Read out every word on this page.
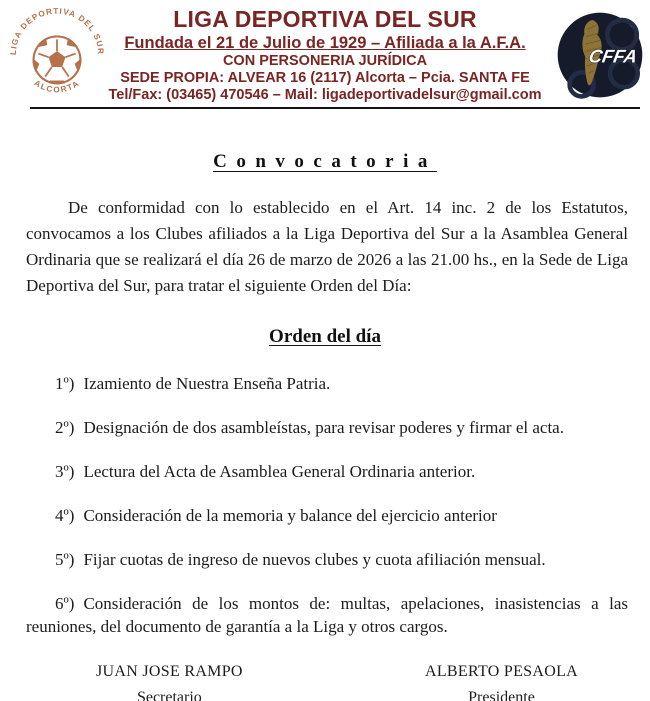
LIGA DEPORTIVA DEL SUR
ALCORTA
CFFA
LIGA DEPORTIVA DEL SUR
Fundada el 21 de Julio de 1929 – Afiliada a la A.F.A.
CON PERSONERIA JURÍDICA
SEDE PROPIA: ALVEAR 16 (2117) Alcorta – Pcia. SANTA FE
Tel/Fax: (03465) 470546 – Mail: ligadeportivadelsur@gmail.com
Convocatoria

De conformidad con lo establecido en el Art. 14 inc. 2 de los Estatutos, convocamos a los Clubes afiliados a la Liga Deportiva del Sur a la Asamblea General Ordinaria que se realizará el día 26 de marzo de 2026 a las 21.00 hs., en la Sede de Liga Deportiva del Sur, para tratar el siguiente Orden del Día:

Orden del día

1º) Izamiento de Nuestra Enseña Patria.

2º) Designación de dos asambleístas, para revisar poderes y firmar el acta.

3º) Lectura del Acta de Asamblea General Ordinaria anterior.

4º) Consideración de la memoria y balance del ejercicio anterior

5º) Fijar cuotas de ingreso de nuevos clubes y cuota afiliación mensual.

6º) Consideración de los montos de: multas, apelaciones, inasistencias a las reuniones, del documento de garantía a la Liga y otros cargos.

JUAN JOSE RAMPO
Secretario
ALBERTO PESAOLA
Presidente
